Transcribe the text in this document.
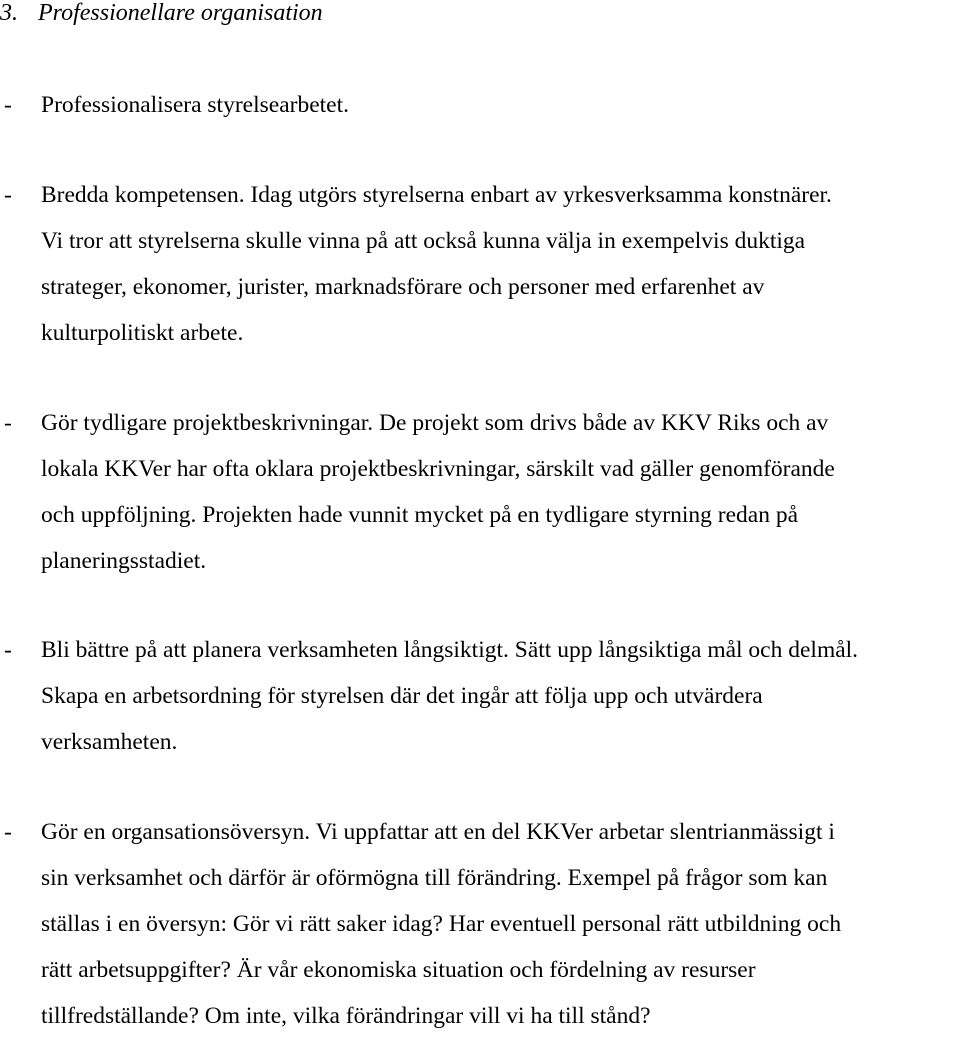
3. Professionellare organisation
- Professionalisera styrelsearbetet.
- Bredda kompetensen. Idag utgörs styrelserna enbart av yrkesverksamma konstnärer.
Vi tror att styrelserna skulle vinna på att också kunna välja in exempelvis duktiga
strateger, ekonomer, jurister, marknadsförare och personer med erfarenhet av
kulturpolitiskt arbete.
- Gör tydligare projektbeskrivningar. De projekt som drivs både av KKV Riks och av
lokala KKVer har ofta oklara projektbeskrivningar, särskilt vad gäller genomförande
och uppföljning. Projekten hade vunnit mycket på en tydligare styrning redan på
planeringsstadiet.
- Bli bättre på att planera verksamheten långsiktigt. Sätt upp långsiktiga mål och delmål.
Skapa en arbetsordning för styrelsen där det ingår att följa upp och utvärdera
verksamheten.
- Gör en organsationsöversyn. Vi uppfattar att en del KKVer arbetar slentrianmässigt i
sin verksamhet och därför är oförmögna till förändring. Exempel på frågor som kan
ställas i en översyn: Gör vi rätt saker idag? Har eventuell personal rätt utbildning och
rätt arbetsuppgifter? Är vår ekonomiska situation och fördelning av resurser
tillfredställande? Om inte, vilka förändringar vill vi ha till stånd?
